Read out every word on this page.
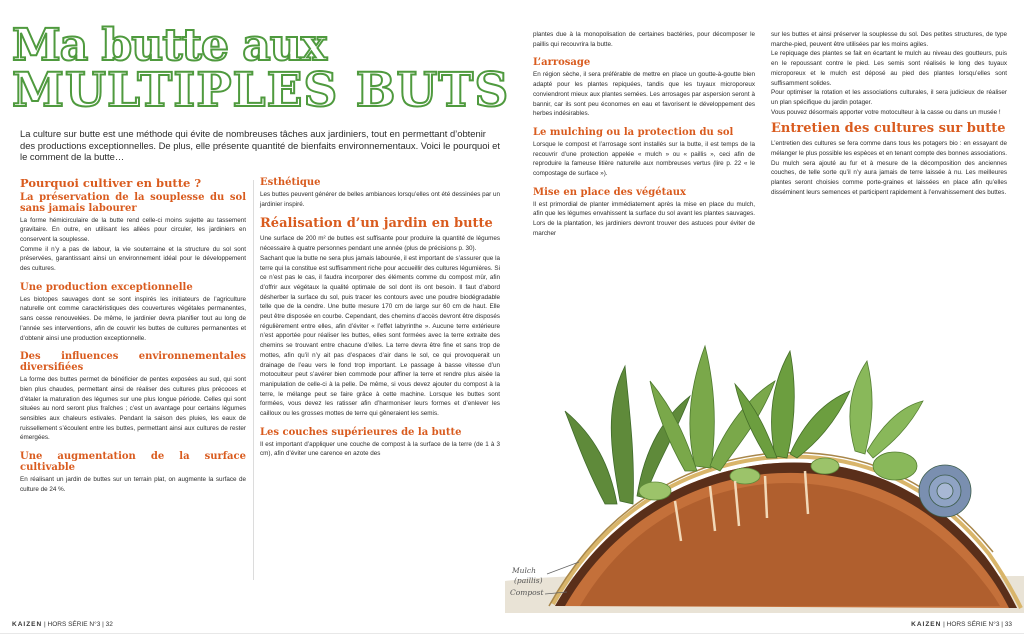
Ma butte aux
MULTIPLES BUTS

La culture sur butte est une méthode qui évite de nombreuses tâches aux jardiniers, tout en permettant d’obtenir des productions exceptionnelles. De plus, elle présente quantité de bienfaits environnementaux. Voici le pourquoi et le comment de la butte…

Pourquoi cultiver en butte ?
La préservation de la souplesse du sol sans jamais labourer

La forme hémicirculaire de la butte rend celle-ci moins sujette au tassement gravitaire. En outre, en utilisant les allées pour circuler, les jardiniers en conservent la souplesse.

Comme il n’y a pas de labour, la vie souterraine et la structure du sol sont préservées, garantissant ainsi un environnement idéal pour le développement des cultures.

Une production exceptionnelle

Les biotopes sauvages dont se sont inspirés les initiateurs de l’agriculture naturelle ont comme caractéristiques des couvertures végétales permanentes, sans cesse renouvelées. De même, le jardinier devra planifier tout au long de l’année ses interventions, afin de couvrir les buttes de cultures permanentes et d’obtenir ainsi une production exceptionnelle.

Des influences environnementales diversifiées

La forme des buttes permet de bénéficier de pentes exposées au sud, qui sont bien plus chaudes, permettant ainsi de réaliser des cultures plus précoces et d’étaler la maturation des légumes sur une plus longue période. Celles qui sont situées au nord seront plus fraîches ; c’est un avantage pour certains légumes sensibles aux chaleurs estivales. Pendant la saison des pluies, les eaux de ruissellement s’écoulent entre les buttes, permettant ainsi aux cultures de rester émergées.

Une augmentation de la surface cultivable

En réalisant un jardin de buttes sur un terrain plat, on augmente la surface de culture de 24 %.

Esthétique

Les buttes peuvent générer de belles ambiances lorsqu’elles ont été dessinées par un jardinier inspiré.

Réalisation d’un jardin en butte

Une surface de 200 m² de buttes est suffisante pour produire la quantité de légumes nécessaire à quatre personnes pendant une année (plus de précisions p. 30).

Sachant que la butte ne sera plus jamais labourée, il est important de s’assurer que la terre qui la constitue est suffisamment riche pour accueillir des cultures légumières. Si ce n’est pas le cas, il faudra incorporer des éléments comme du compost mûr, afin d’offrir aux végétaux la qualité optimale de sol dont ils ont besoin. Il faut d’abord désherber la surface du sol, puis tracer les contours avec une poudre biodégradable telle que de la cendre. Une butte mesure 170 cm de large sur 60 cm de haut. Elle peut être disposée en courbe. Cependant, des chemins d’accès devront être disposés régulièrement entre elles, afin d’éviter « l’effet labyrinthe ». Aucune terre extérieure n’est apportée pour réaliser les buttes, elles sont formées avec la terre extraite des chemins se trouvant entre chacune d’elles. La terre devra être fine et sans trop de mottes, afin qu’il n’y ait pas d’espaces d’air dans le sol, ce qui provoquerait un drainage de l’eau vers le fond trop important. Le passage à basse vitesse d’un motoculteur peut s’avérer bien commode pour affiner la terre et rendre plus aisée la manipulation de celle-ci à la pelle. De même, si vous devez ajouter du compost à la terre, le mélange peut se faire grâce à cette machine. Lorsque les buttes sont formées, vous devez les ratisser afin d’harmoniser leurs formes et d’enlever les cailloux ou les grosses mottes de terre qui gêneraient les semis.

Les couches supérieures de la butte

Il est important d’appliquer une couche de compost à la surface de la terre (de 1 à 3 cm), afin d’éviter une carence en azote des

plantes due à la monopolisation de certaines bactéries, pour décomposer le paillis qui recouvrira la butte.

L’arrosage

En région sèche, il sera préférable de mettre en place un goutte-à-goutte bien adapté pour les plantes repiquées, tandis que les tuyaux microporeux conviendront mieux aux plantes semées. Les arrosages par aspersion seront à bannir, car ils sont peu économes en eau et favorisent le développement des herbes indésirables.

Le mulching ou la protection du sol

Lorsque le compost et l’arrosage sont installés sur la butte, il est temps de la recouvrir d’une protection appelée « mulch » ou « paillis », ceci afin de reproduire la fameuse litière naturelle aux nombreuses vertus (lire p. 22 « le compostage de surface »).

Mise en place des végétaux

Il est primordial de planter immédiatement après la mise en place du mulch, afin que les légumes envahissent la surface du sol avant les plantes sauvages. Lors de la plantation, les jardiniers devront trouver des astuces pour éviter de marcher

sur les buttes et ainsi préserver la souplesse du sol. Des petites structures, de type marche-pied, peuvent être utilisées par les moins agiles.

Le repiquage des plantes se fait en écartant le mulch au niveau des goutteurs, puis en le repoussant contre le pied. Les semis sont réalisés le long des tuyaux microporeux et le mulch est déposé au pied des plantes lorsqu’elles sont suffisamment solides.

Pour optimiser la rotation et les associations culturales, il sera judicieux de réaliser un plan spécifique du jardin potager.

Vous pouvez désormais apporter votre motoculteur à la casse ou dans un musée !

Entretien des cultures sur butte

L’entretien des cultures se fera comme dans tous les potagers bio : en essayant de mélanger le plus possible les espèces et en tenant compte des bonnes associations. Du mulch sera ajouté au fur et à mesure de la décomposition des anciennes couches, de telle sorte qu’il n’y aura jamais de terre laissée à nu. Les meilleures plantes seront choisies comme porte-graines et laissées en place afin qu’elles disséminent leurs semences et participent rapidement à l’envahissement des buttes.

Mulch
(paillis)
Compost
KAIZEN | HORS SÉRIE N°3 | 32	KAIZEN | HORS SÉRIE N°3 | 33
